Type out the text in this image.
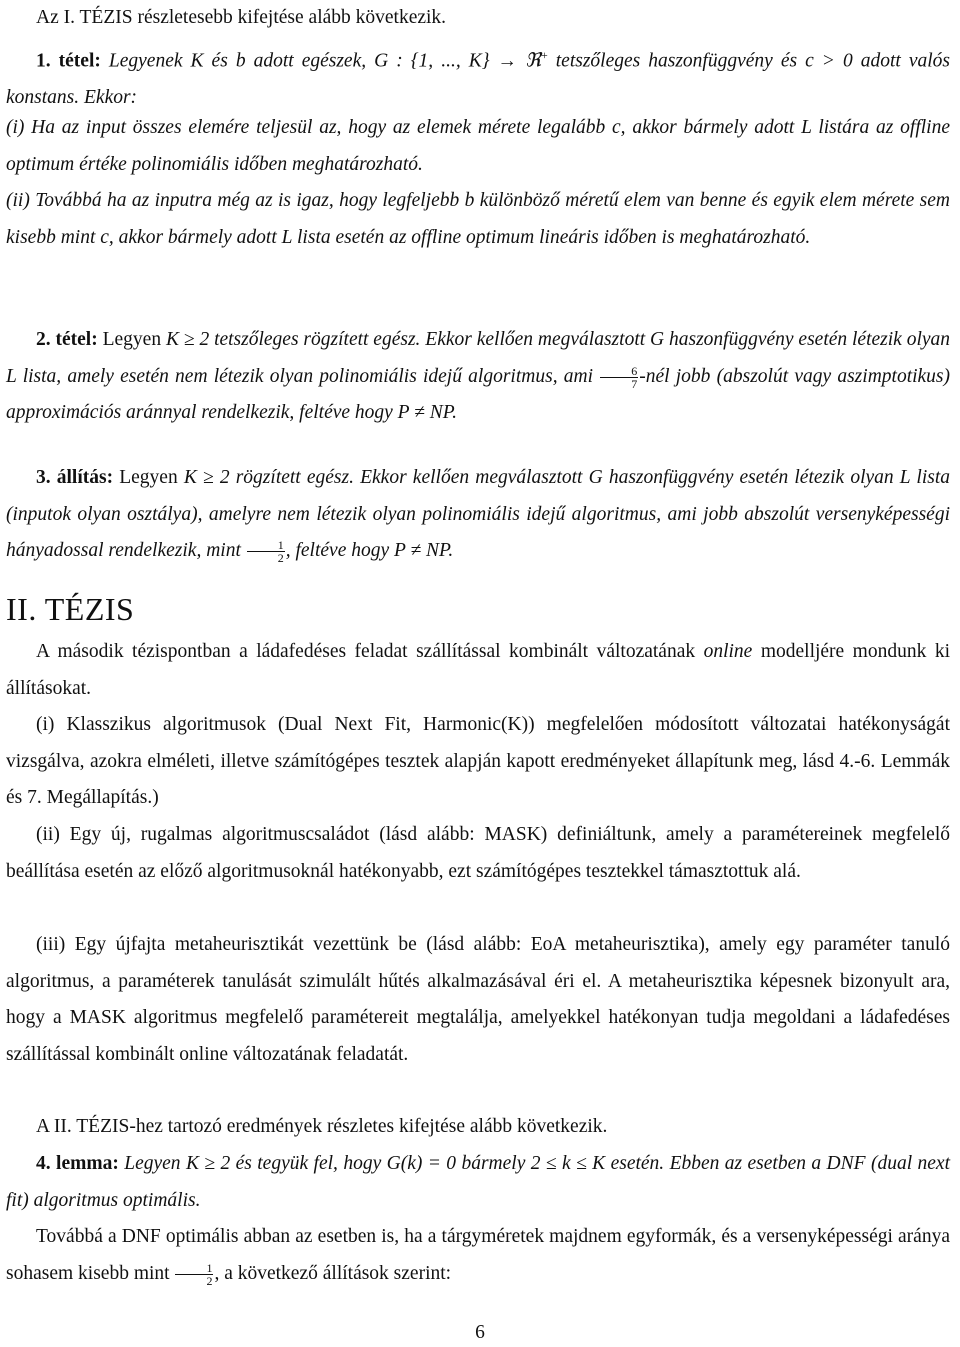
Az I. TÉZIS részletesebb kifejtése alább következik.

1. tétel: Legyenek K és b adott egészek, G : {1, ..., K} → ℜ+ tetszőleges haszonfüggvény és c > 0 adott valós konstans. Ekkor:

(i) Ha az input összes elemére teljesül az, hogy az elemek mérete legalább c, akkor bármely adott L listára az offline optimum értéke polinomiális időben meghatározható.

(ii) Továbbá ha az inputra még az is igaz, hogy legfeljebb b különböző méretű elem van benne és egyik elem mérete sem kisebb mint c, akkor bármely adott L lista esetén az offline optimum lineáris időben is meghatározható.

2. tétel: Legyen K ≥ 2 tetszőleges rögzített egész. Ekkor kellően megválasztott G haszonfüggvény esetén létezik olyan L lista, amely esetén nem létezik olyan polinomiális idejű algoritmus, ami $\frac{6}{7}$ -nél jobb (abszolút vagy aszimptotikus) approximációs aránnyal rendelkezik, feltéve hogy P ≠ NP.

3. állítás: Legyen K ≥ 2 rögzített egész. Ekkor kellően megválasztott G haszonfüggvény esetén létezik olyan L lista (inputok olyan osztálya), amelyre nem létezik olyan polinomiális idejű algoritmus, ami jobb abszolút versenyképességi hányadossal rendelkezik, mint $\frac{1}{2}$ , feltéve hogy P ≠ NP.

II. TÉZIS

A második tézispontban a ládafedéses feladat szállítással kombinált változatának online modelljére mondunk ki állításokat.

(i) Klasszikus algoritmusok (Dual Next Fit, Harmonic(K)) megfelelően módosított változatai hatékonyságát vizsgálva, azokra elméleti, illetve számítógépes tesztek alapján kapott eredményeket állapítunk meg, lásd 4.-6. Lemmák és 7. Megállapítás.)

(ii) Egy új, rugalmas algoritmuscsaládot (lásd alább: MASK) definiáltunk, amely a paramétereinek megfelelő beállítása esetén az előző algoritmusoknál hatékonyabb, ezt számítógépes tesztekkel támasztottuk alá.

(iii) Egy újfajta metaheurisztikát vezettünk be (lásd alább: EoA metaheurisztika), amely egy paraméter tanuló algoritmus, a paraméterek tanulását szimulált hűtés alkalmazásával éri el. A metaheurisztika képesnek bizonyult ara, hogy a MASK algoritmus megfelelő paramétereit megtalálja, amelyekkel hatékonyan tudja megoldani a ládafedéses szállítással kombinált online változatának feladatát.

A II. TÉZIS-hez tartozó eredmények részletes kifejtése alább következik.

4. lemma: Legyen K ≥ 2 és tegyük fel, hogy G(k) = 0 bármely 2 ≤ k ≤ K esetén. Ebben az esetben a DNF (dual next fit) algoritmus optimális.

Továbbá a DNF optimális abban az esetben is, ha a tárgyméretek majdnem egyformák, és a versenyképességi aránya sohasem kisebb mint $\frac{1}{2}$ , a következő állítások szerint:

6
